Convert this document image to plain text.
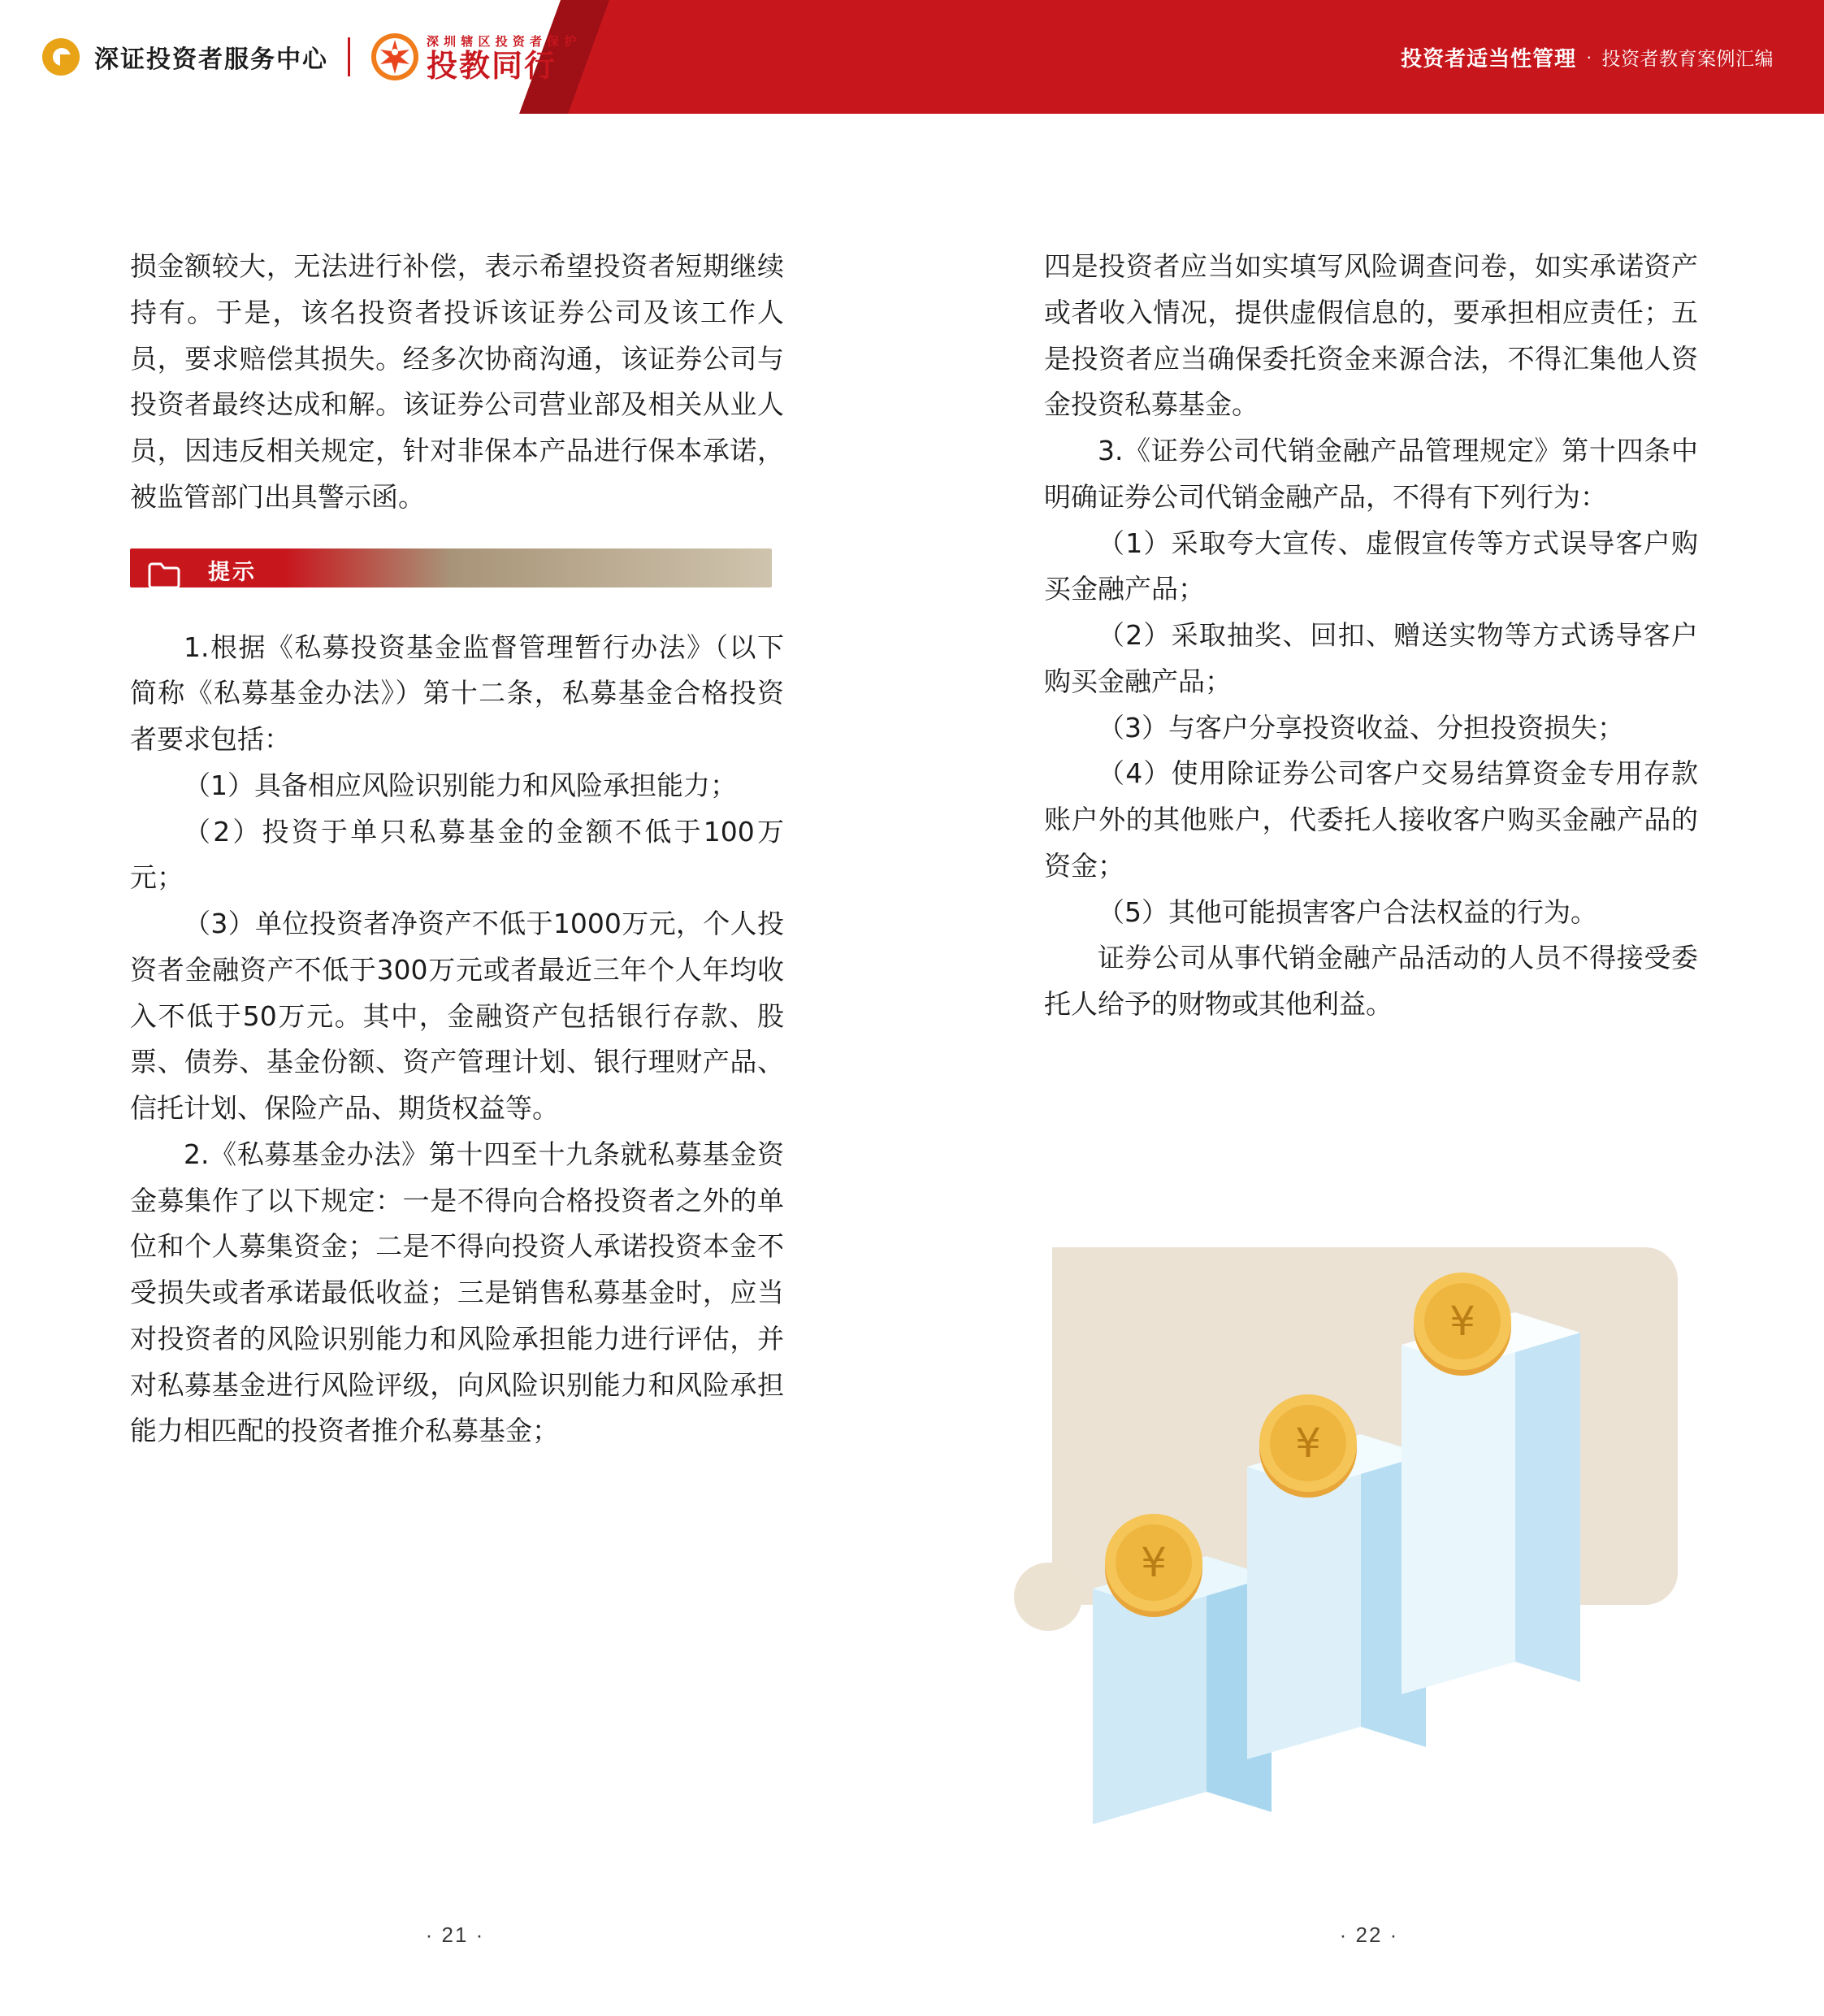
深证投资者服务中心
深 圳 辖 区 投 资 者 保 护
投教同行	投资者适当性管理 · 投资者教育案例汇编

损金额较大，无法进行补偿，表示希望投资者短期继续持有。于是，该名投资者投诉该证券公司及该工作人员，要求赔偿其损失。经多次协商沟通，该证券公司与投资者最终达成和解。该证券公司营业部及相关从业人员，因违反相关规定，针对非保本产品进行保本承诺，被监管部门出具警示函。

提示

1.根据《私募投资基金监督管理暂行办法》（以下简称《私募基金办法》）第十二条，私募基金合格投资者要求包括：

（1）具备相应风险识别能力和风险承担能力；

（2）投资于单只私募基金的金额不低于100万元；

（3）单位投资者净资产不低于1000万元，个人投资者金融资产不低于300万元或者最近三年个人年均收入不低于50万元。其中，金融资产包括银行存款、股票、债券、基金份额、资产管理计划、银行理财产品、信托计划、保险产品、期货权益等。

2.《私募基金办法》第十四至十九条就私募基金资金募集作了以下规定：一是不得向合格投资者之外的单位和个人募集资金；二是不得向投资人承诺投资本金不受损失或者承诺最低收益；三是销售私募基金时，应当对投资者的风险识别能力和风险承担能力进行评估，并对私募基金进行风险评级，向风险识别能力和风险承担能力相匹配的投资者推介私募基金；

四是投资者应当如实填写风险调查问卷，如实承诺资产或者收入情况，提供虚假信息的，要承担相应责任；五是投资者应当确保委托资金来源合法，不得汇集他人资金投资私募基金。

3.《证券公司代销金融产品管理规定》第十四条中明确证券公司代销金融产品，不得有下列行为：

（1）采取夸大宣传、虚假宣传等方式误导客户购买金融产品；

（2）采取抽奖、回扣、赠送实物等方式诱导客户购买金融产品；

（3）与客户分享投资收益、分担投资损失；

（4）使用除证券公司客户交易结算资金专用存款账户外的其他账户，代委托人接收客户购买金融产品的资金；

（5）其他可能损害客户合法权益的行为。

证券公司从事代销金融产品活动的人员不得接受委托人给予的财物或其他利益。

¥
¥
¥
· 21 ·	· 22 ·
